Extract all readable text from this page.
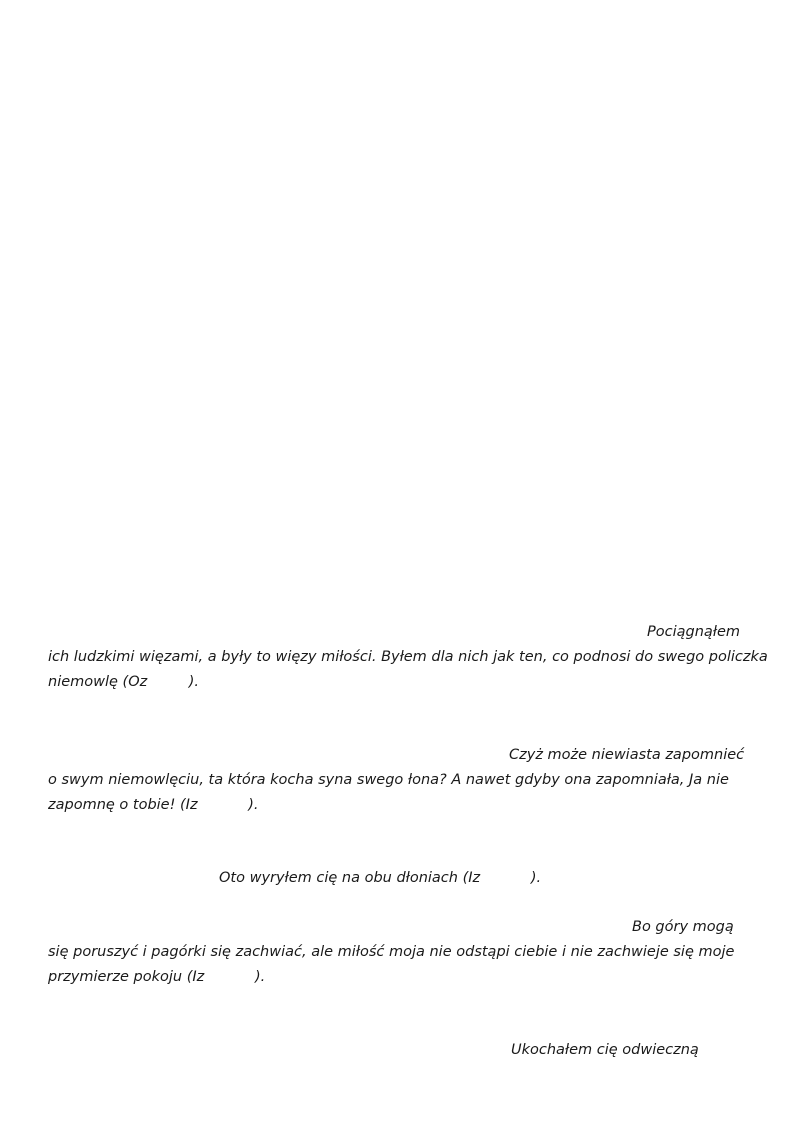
Pociągnąłem
ich ludzkimi więzami, a były to więzy miłości. Byłem dla nich jak ten, co podnosi do swego policzka
niemowlę (Oz         ).
Czyż może niewiasta zapomnieć
o swym niemowlęciu, ta która kocha syna swego łona? A nawet gdyby ona zapomniała, Ja nie
zapomnę o tobie! (Iz           ).
Oto wyryłem cię na obu dłoniach (Iz           ).
Bo góry mogą
się poruszyć i pagórki się zachwiać, ale miłość moja nie odstąpi ciebie i nie zachwieje się moje
przymierze pokoju (Iz           ).
Ukochałem cię odwieczną
